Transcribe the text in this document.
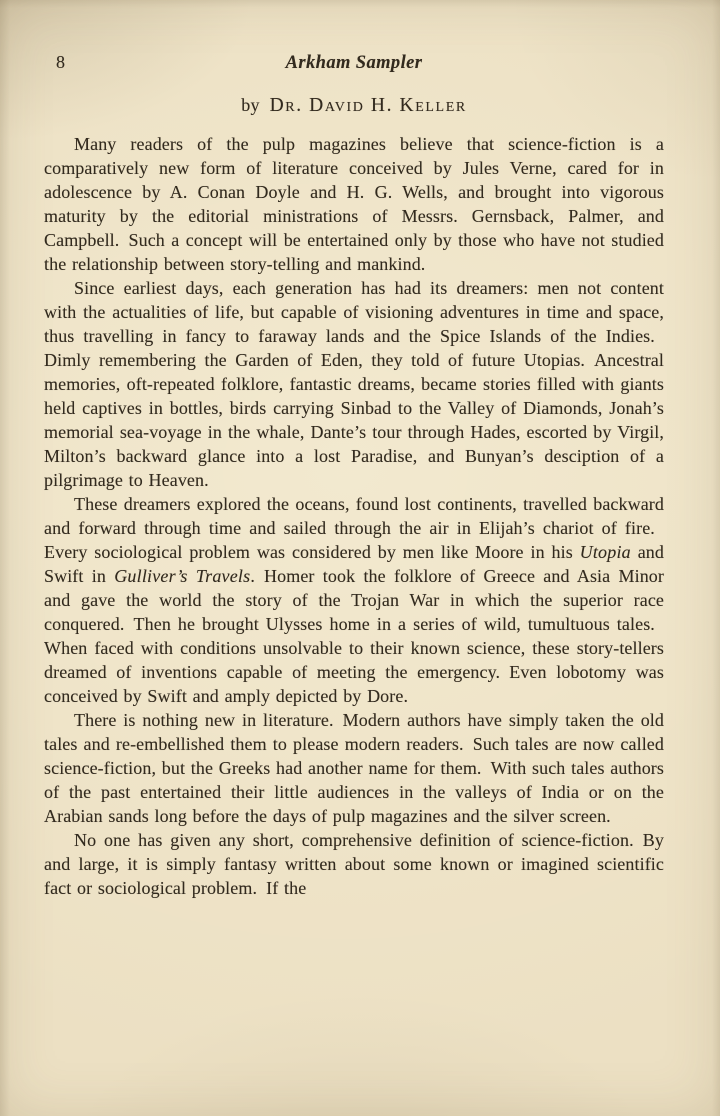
8	Arkham Sampler
by Dr. David H. Keller

Many readers of the pulp magazines believe that science-fiction is a comparatively new form of literature conceived by Jules Verne, cared for in adolescence by A. Conan Doyle and H. G. Wells, and brought into vigorous maturity by the editorial ministrations of Messrs. Gernsback, Palmer, and Campbell. Such a concept will be entertained only by those who have not studied the relationship between story-telling and mankind.

Since earliest days, each generation has had its dreamers: men not content with the actualities of life, but capable of visioning adventures in time and space, thus travelling in fancy to faraway lands and the Spice Islands of the Indies. Dimly remembering the Garden of Eden, they told of future Utopias. Ancestral memories, oft-repeated folklore, fantastic dreams, became stories filled with giants held captives in bottles, birds carrying Sinbad to the Valley of Diamonds, Jonah’s memorial sea-voyage in the whale, Dante’s tour through Hades, escorted by Virgil, Milton’s backward glance into a lost Paradise, and Bunyan’s desciption of a pilgrimage to Heaven.

These dreamers explored the oceans, found lost continents, travelled backward and forward through time and sailed through the air in Elijah’s chariot of fire. Every sociological problem was considered by men like Moore in his Utopia and Swift in Gulliver’s Travels. Homer took the folklore of Greece and Asia Minor and gave the world the story of the Trojan War in which the superior race conquered. Then he brought Ulysses home in a series of wild, tumultuous tales. When faced with conditions unsolvable to their known science, these story-tellers dreamed of inventions capable of meeting the emergency. Even lobotomy was conceived by Swift and amply depicted by Dore.

There is nothing new in literature. Modern authors have simply taken the old tales and re-embellished them to please modern readers. Such tales are now called science-fiction, but the Greeks had another name for them. With such tales authors of the past entertained their little audiences in the valleys of India or on the Arabian sands long before the days of pulp magazines and the silver screen.

No one has given any short, comprehensive definition of science-fiction. By and large, it is simply fantasy written about some known or imagined scientific fact or sociological problem. If the
